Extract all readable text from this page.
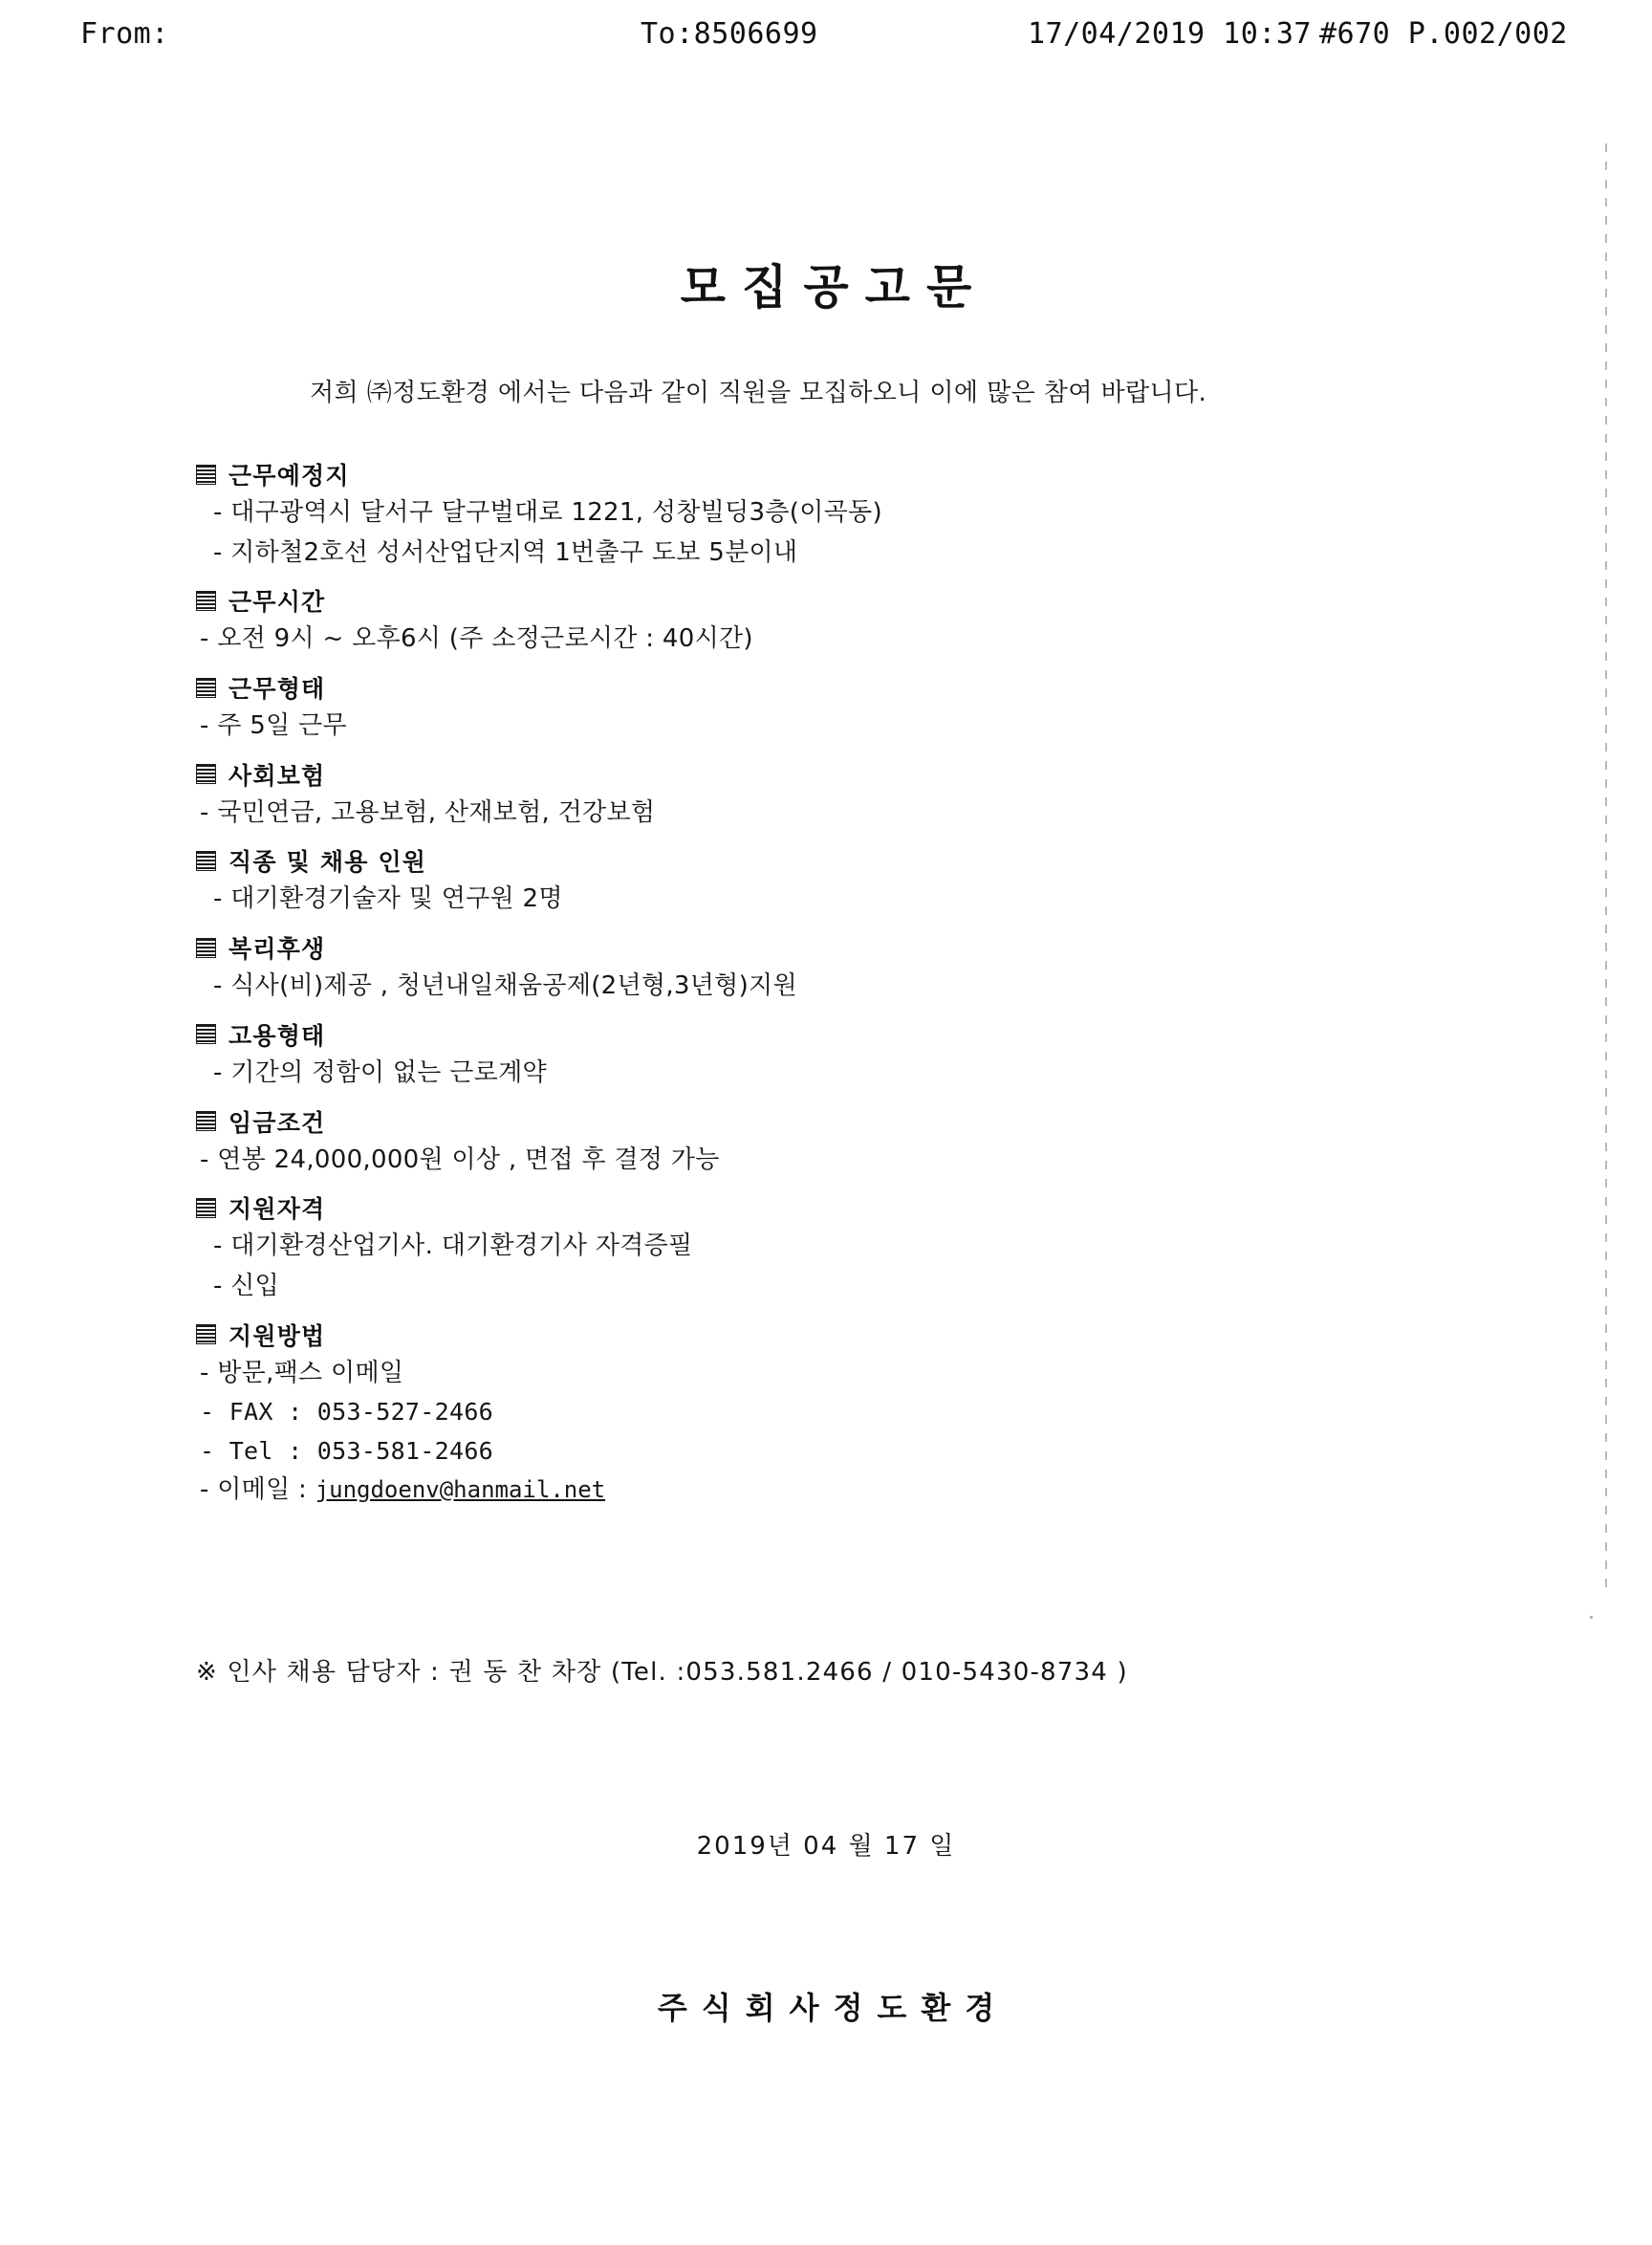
From:	To:8506699	17/04/2019 10:37 #670 P.002/002
모집공고문
저희 ㈜정도환경 에서는 다음과 같이 직원을 모집하오니 이에 많은 참여 바랍니다.
근무예정지
- 대구광역시 달서구 달구벌대로 1221, 성창빌딩3층(이곡동)
- 지하철2호선 성서산업단지역 1번출구 도보 5분이내
근무시간
- 오전 9시 ~ 오후6시 (주 소정근로시간 : 40시간)
근무형태
- 주 5일 근무
사회보험
- 국민연금, 고용보험, 산재보험, 건강보험
직종 및 채용 인원
- 대기환경기술자 및 연구원 2명
복리후생
- 식사(비)제공 , 청년내일채움공제(2년형,3년형)지원
고용형태
- 기간의 정함이 없는 근로계약
임금조건
- 연봉 24,000,000원 이상 , 면접 후 결정 가능
지원자격
- 대기환경산업기사. 대기환경기사 자격증필
- 신입
지원방법
- 방문,팩스 이메일
- FAX : 053-527-2466
- Tel : 053-581-2466
- 이메일 : jungdoenv@hanmail.net
※ 인사 채용 담당자 : 권 동 찬 차장 (Tel. :053.581.2466 / 010-5430-8734 )
2019년 04 월 17 일
주식회사정도환경
